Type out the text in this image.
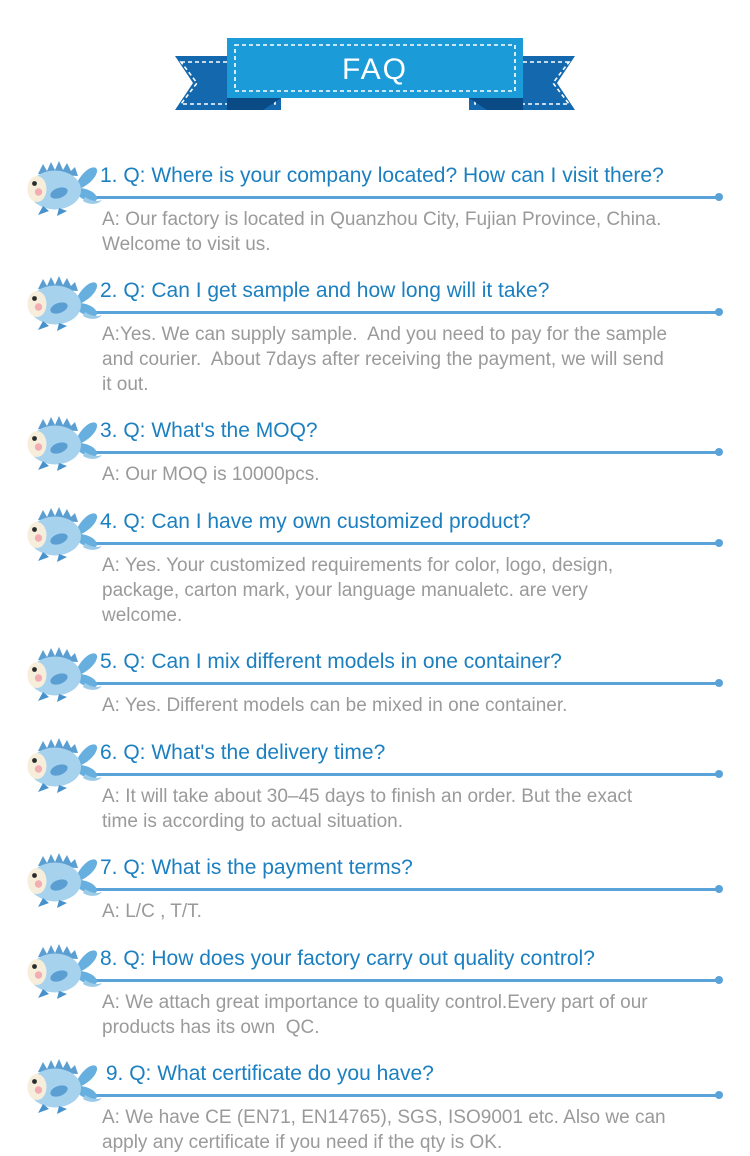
FAQ
1. Q: Where is your company located? How can I visit there?
A: Our factory is located in Quanzhou City, Fujian Province, China. Welcome to visit us.
2. Q: Can I get sample and how long will it take?
A:Yes. We can supply sample.  And you need to pay for the sample and courier.  About 7days after receiving the payment, we will send it out.
3. Q: What's the MOQ?
A: Our MOQ is 10000pcs.
4. Q: Can I have my own customized product?
A: Yes. Your customized requirements for color, logo, design, package, carton mark, your language manualetc. are very welcome.
5. Q: Can I mix different models in one container?
A: Yes. Different models can be mixed in one container.
6. Q: What's the delivery time?
A: It will take about 30–45 days to finish an order. But the exact time is according to actual situation.
7. Q: What is the payment terms?
A: L/C , T/T.
8. Q: How does your factory carry out quality control?
A: We attach great importance to quality control.Every part of our products has its own  QC.
9. Q: What certificate do you have?
A: We have CE (EN71, EN14765), SGS, ISO9001 etc. Also we can apply any certificate if you need if the qty is OK.
